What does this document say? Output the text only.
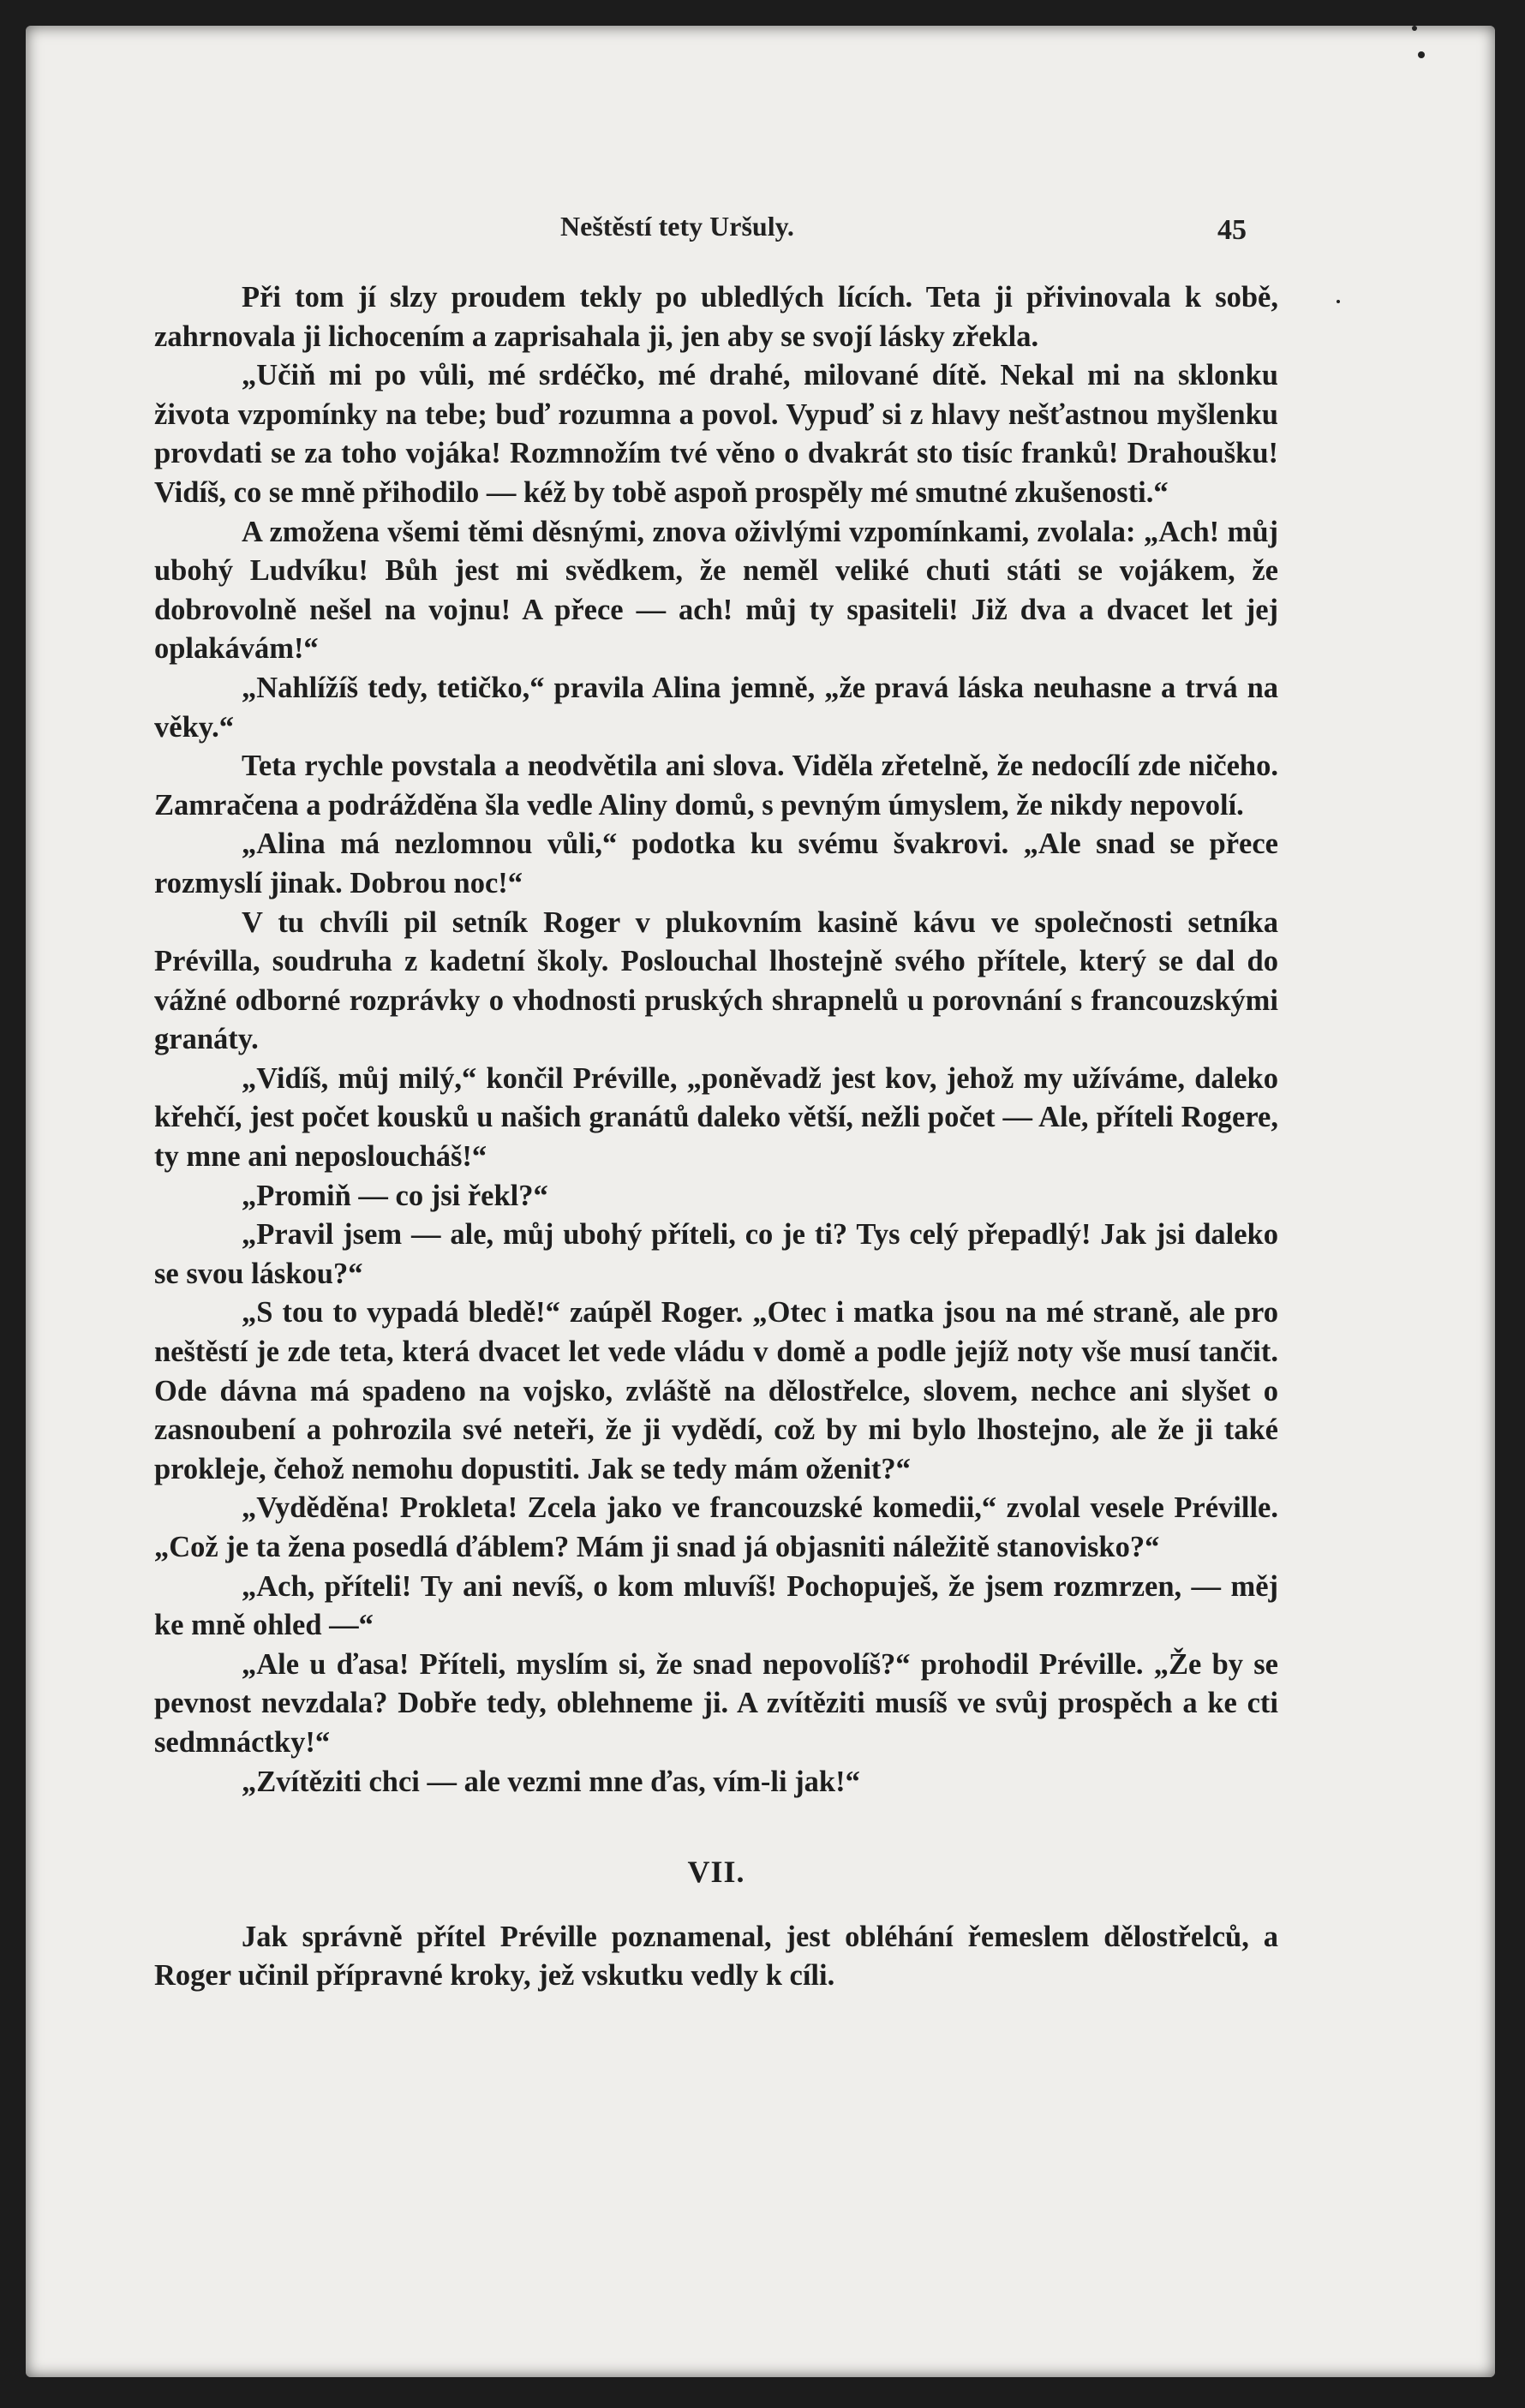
Neštěstí tety Uršuly.	45

Při tom jí slzy proudem tekly po ubledlých lících. Teta ji přivinovala k sobě, zahrnovala ji lichocením a zaprisahala ji, jen aby se svojí lásky zřekla.

„Učiň mi po vůli, mé srdéčko, mé drahé, milované dítě. Nekal mi na sklonku života vzpomínky na tebe; buď rozumna a povol. Vypuď si z hlavy nešťastnou myšlenku provdati se za toho vojáka! Rozmnožím tvé věno o dvakrát sto tisíc franků! Drahoušku! Vidíš, co se mně přihodilo — kéž by tobě aspoň prospěly mé smutné zkušenosti.“

A zmožena všemi těmi děsnými, znova oživlými vzpomínkami, zvolala: „Ach! můj ubohý Ludvíku! Bůh jest mi svědkem, že neměl veliké chuti státi se vojákem, že dobrovolně nešel na vojnu! A přece — ach! můj ty spasiteli! Již dva a dvacet let jej oplakávám!“

„Nahlížíš tedy, tetičko,“ pravila Alina jemně, „že pravá láska neuhasne a trvá na věky.“

Teta rychle povstala a neodvětila ani slova. Viděla zřetelně, že nedocílí zde ničeho. Zamračena a podrážděna šla vedle Aliny domů, s pevným úmyslem, že nikdy nepovolí.

„Alina má nezlomnou vůli,“ podotka ku svému švakrovi. „Ale snad se přece rozmyslí jinak. Dobrou noc!“

V tu chvíli pil setník Roger v plukovním kasině kávu ve společnosti setníka Prévilla, soudruha z kadetní školy. Poslouchal lhostejně svého přítele, který se dal do vážné odborné rozprávky o vhodnosti pruských shrapnelů u porovnání s francouzskými granáty.

„Vidíš, můj milý,“ končil Préville, „poněvadž jest kov, jehož my užíváme, daleko křehčí, jest počet kousků u našich granátů daleko větší, nežli počet — Ale, příteli Rogere, ty mne ani neposloucháš!“

„Promiň — co jsi řekl?“

„Pravil jsem — ale, můj ubohý příteli, co je ti? Tys celý přepadlý! Jak jsi daleko se svou láskou?“

„S tou to vypadá bledě!“ zaúpěl Roger. „Otec i matka jsou na mé straně, ale pro neštěstí je zde teta, která dvacet let vede vládu v domě a podle jejíž noty vše musí tančit. Ode dávna má spadeno na vojsko, zvláště na dělostřelce, slovem, nechce ani slyšet o zasnoubení a pohrozila své neteři, že ji vydědí, což by mi bylo lhostejno, ale že ji také prokleje, čehož nemohu dopustiti. Jak se tedy mám oženit?“

„Vyděděna! Prokleta! Zcela jako ve francouzské komedii,“ zvolal vesele Préville. „Což je ta žena posedlá ďáblem? Mám ji snad já objasniti náležitě stanovisko?“

„Ach, příteli! Ty ani nevíš, o kom mluvíš! Pochopuješ, že jsem rozmrzen, — měj ke mně ohled —“

„Ale u ďasa! Příteli, myslím si, že snad nepovolíš?“ prohodil Préville. „Že by se pevnost nevzdala? Dobře tedy, oblehneme ji. A zvítěziti musíš ve svůj prospěch a ke cti sedmnáctky!“

„Zvítěziti chci — ale vezmi mne ďas, vím-li jak!“

VII.

Jak správně přítel Préville poznamenal, jest obléhání řemeslem dělostřelců, a Roger učinil přípravné kroky, jež vskutku vedly k cíli.
